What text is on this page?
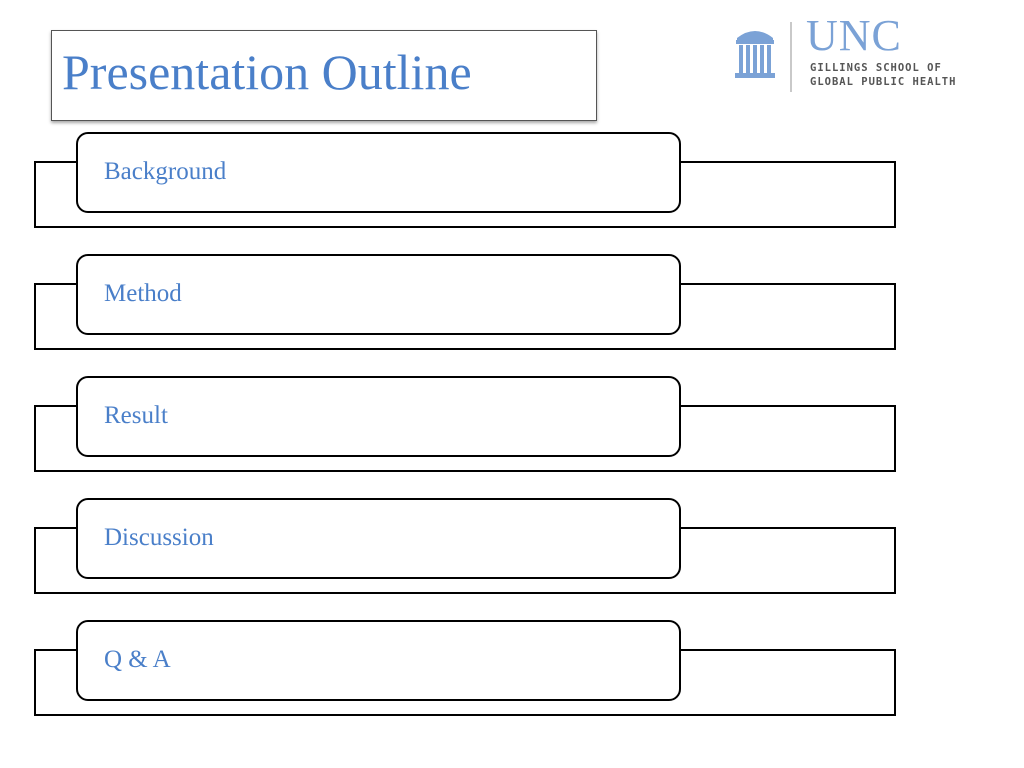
Presentation Outline
UNC
GILLINGS SCHOOL OF
GLOBAL PUBLIC HEALTH
Background
Method
Result
Discussion
Q & A
